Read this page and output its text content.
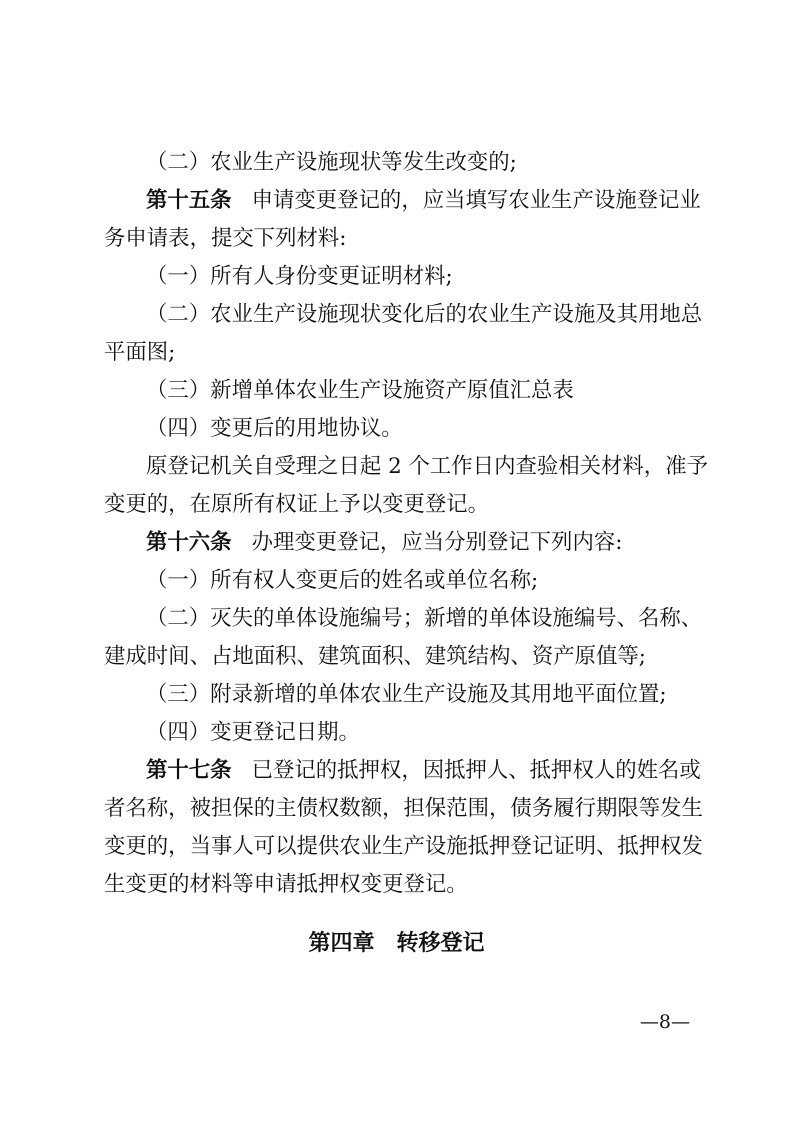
（二）农业生产设施现状等发生改变的;
第十五条 申请变更登记的，应当填写农业生产设施登记业
务申请表，提交下列材料:
（一）所有人身份变更证明材料;
（二）农业生产设施现状变化后的农业生产设施及其用地总
平面图;
（三）新增单体农业生产设施资产原值汇总表
（四）变更后的用地协议。
原登记机关自受理之日起 2 个工作日内查验相关材料，准予
变更的，在原所有权证上予以变更登记。
第十六条 办理变更登记，应当分别登记下列内容:
（一）所有权人变更后的姓名或单位名称;
（二）灭失的单体设施编号；新增的单体设施编号、名称、
建成时间、占地面积、建筑面积、建筑结构、资产原值等;
（三）附录新增的单体农业生产设施及其用地平面位置;
（四）变更登记日期。
第十七条 已登记的抵押权，因抵押人、抵押权人的姓名或
者名称，被担保的主债权数额，担保范围，债务履行期限等发生
变更的，当事人可以提供农业生产设施抵押登记证明、抵押权发
生变更的材料等申请抵押权变更登记。
第四章　转移登记
—8—
